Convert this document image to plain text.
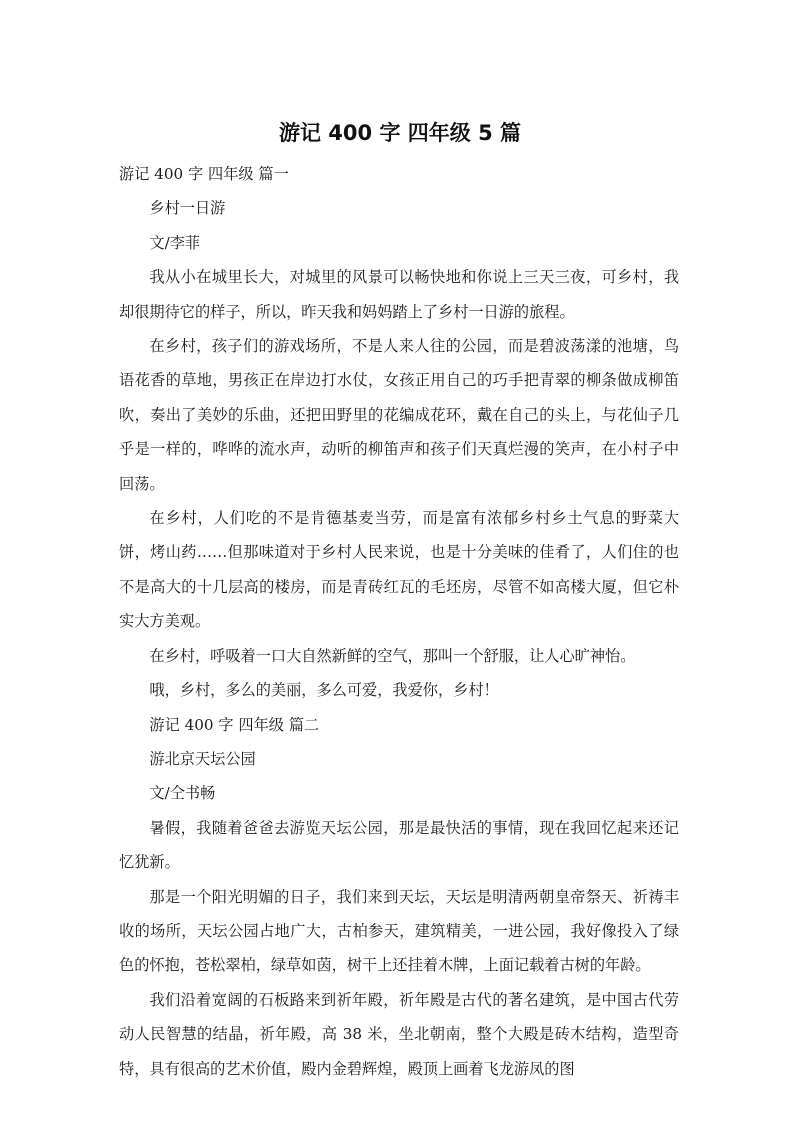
游记 400 字 四年级 5 篇

游记 400 字 四年级 篇一

乡村一日游

文/李菲

我从小在城里长大，对城里的风景可以畅快地和你说上三天三夜，可乡村，我却很期待它的样子，所以，昨天我和妈妈踏上了乡村一日游的旅程。

在乡村，孩子们的游戏场所，不是人来人往的公园，而是碧波荡漾的池塘，鸟语花香的草地，男孩正在岸边打水仗，女孩正用自己的巧手把青翠的柳条做成柳笛吹，奏出了美妙的乐曲，还把田野里的花编成花环，戴在自己的头上，与花仙子几乎是一样的，哗哗的流水声，动听的柳笛声和孩子们天真烂漫的笑声，在小村子中回荡。

在乡村，人们吃的不是肯德基麦当劳，而是富有浓郁乡村乡土气息的野菜大饼，烤山药……但那味道对于乡村人民来说，也是十分美味的佳肴了，人们住的也不是高大的十几层高的楼房，而是青砖红瓦的毛坯房，尽管不如高楼大厦，但它朴实大方美观。

在乡村，呼吸着一口大自然新鲜的空气，那叫一个舒服，让人心旷神怡。

哦，乡村，多么的美丽，多么可爱，我爱你，乡村！

游记 400 字 四年级 篇二

游北京天坛公园

文/仝书畅

暑假，我随着爸爸去游览天坛公园，那是最快活的事情，现在我回忆起来还记忆犹新。

那是一个阳光明媚的日子，我们来到天坛，天坛是明清两朝皇帝祭天、祈祷丰收的场所，天坛公园占地广大，古柏参天，建筑精美，一进公园，我好像投入了绿色的怀抱，苍松翠柏，绿草如茵，树干上还挂着木牌，上面记载着古树的年龄。

我们沿着宽阔的石板路来到祈年殿，祈年殿是古代的著名建筑，是中国古代劳动人民智慧的结晶，祈年殿，高 38 米，坐北朝南，整个大殿是砖木结构，造型奇特，具有很高的艺术价值，殿内金碧辉煌，殿顶上画着飞龙游凤的图
